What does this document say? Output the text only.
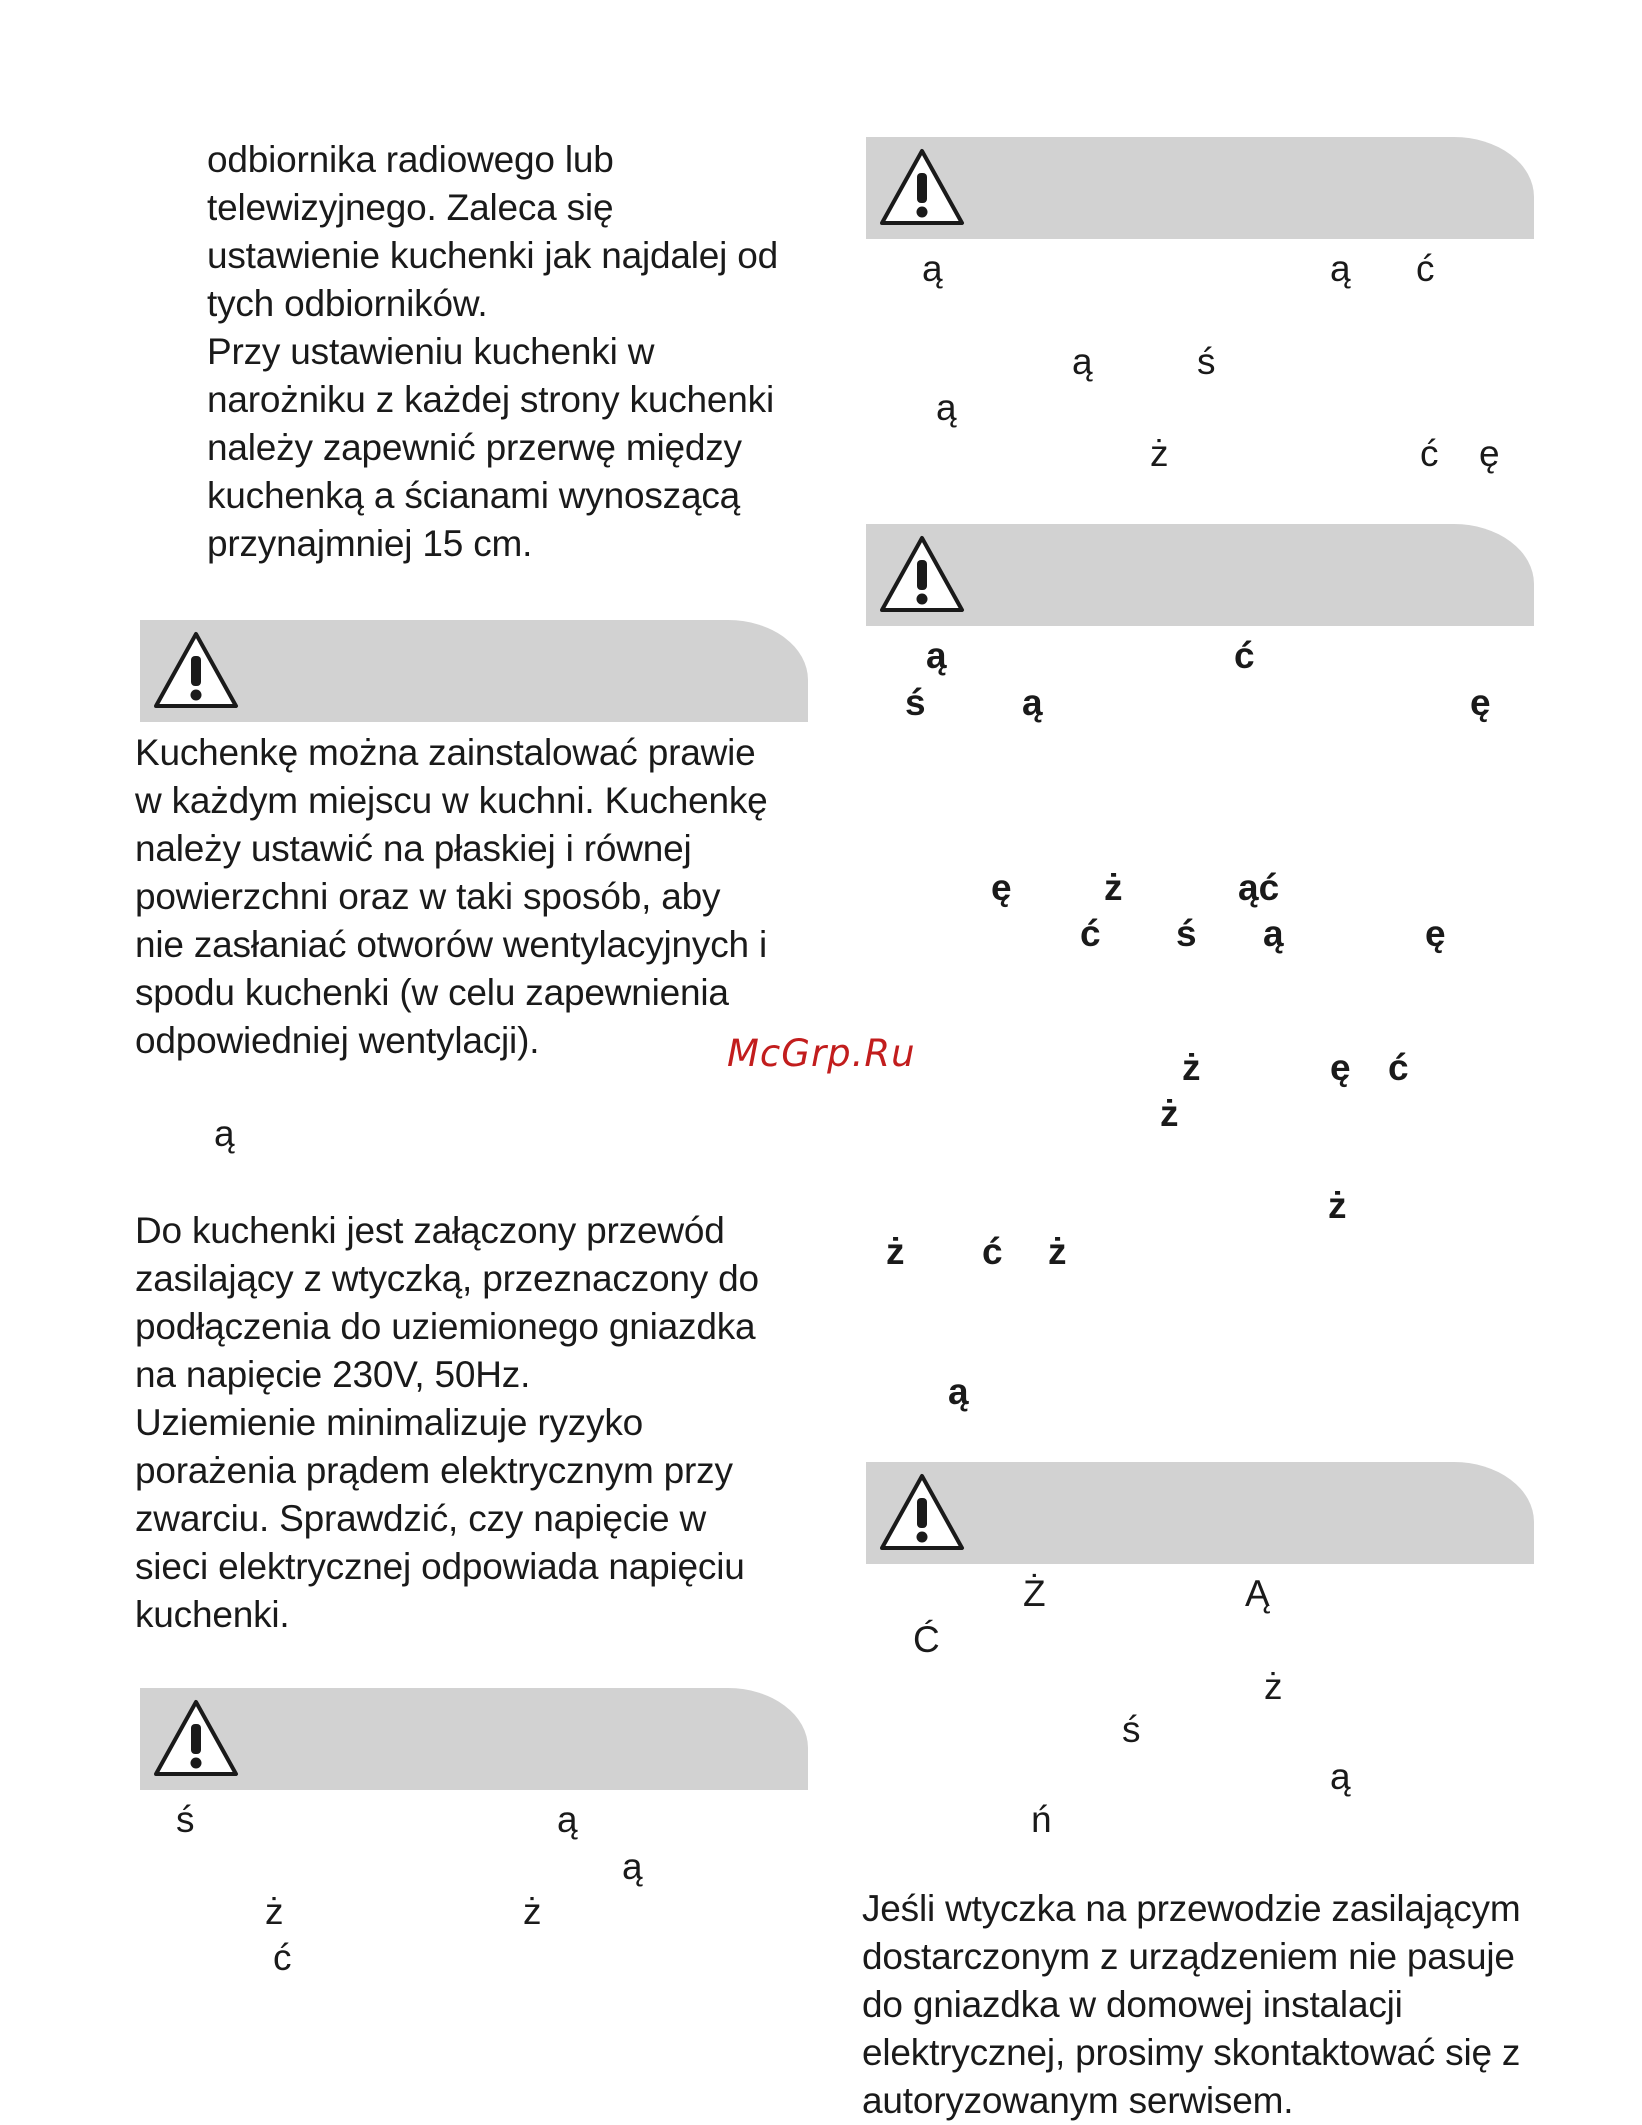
odbiornika radiowego lub
telewizyjnego. Zaleca się
ustawienie kuchenki jak najdalej od
tych odbiorników.
Przy ustawieniu kuchenki w
narożniku z każdej strony kuchenki
należy zapewnić przerwę między
kuchenką a ścianami wynoszącą
przynajmniej 15 cm.

Kuchenkę można zainstalować prawie
w każdym miejscu w kuchni. Kuchenkę
należy ustawić na płaskiej i równej
powierzchni oraz w taki sposób, aby
nie zasłaniać otworów wentylacyjnych i
spodu kuchenki (w celu zapewnienia
odpowiedniej wentylacji).

ą

Do kuchenki jest załączony przewód
zasilający z wtyczką, przeznaczony do
podłączenia do uziemionego gniazdka
na napięcie 230V, 50Hz.
Uziemienie minimalizuje ryzyko
porażenia prądem elektrycznym przy
zwarciu. Sprawdzić, czy napięcie w
sieci elektrycznej odpowiada napięciu
kuchenki.

ś	ą
ą
ż	ż
ć
McGrp.Ru
ą	ą ć
ą	ś
ą
ż	ć ę
ą	ć
ś	ą	ę
ę ż	ąć
ć ś ą	ę
ż	ę ć
ż
ż
ż ć ż
ą
Ż	Ą
Ć
ż
ś
ą
ń

Jeśli wtyczka na przewodzie zasilającym
dostarczonym z urządzeniem nie pasuje
do gniazdka w domowej instalacji
elektrycznej, prosimy skontaktować się z
autoryzowanym serwisem.
